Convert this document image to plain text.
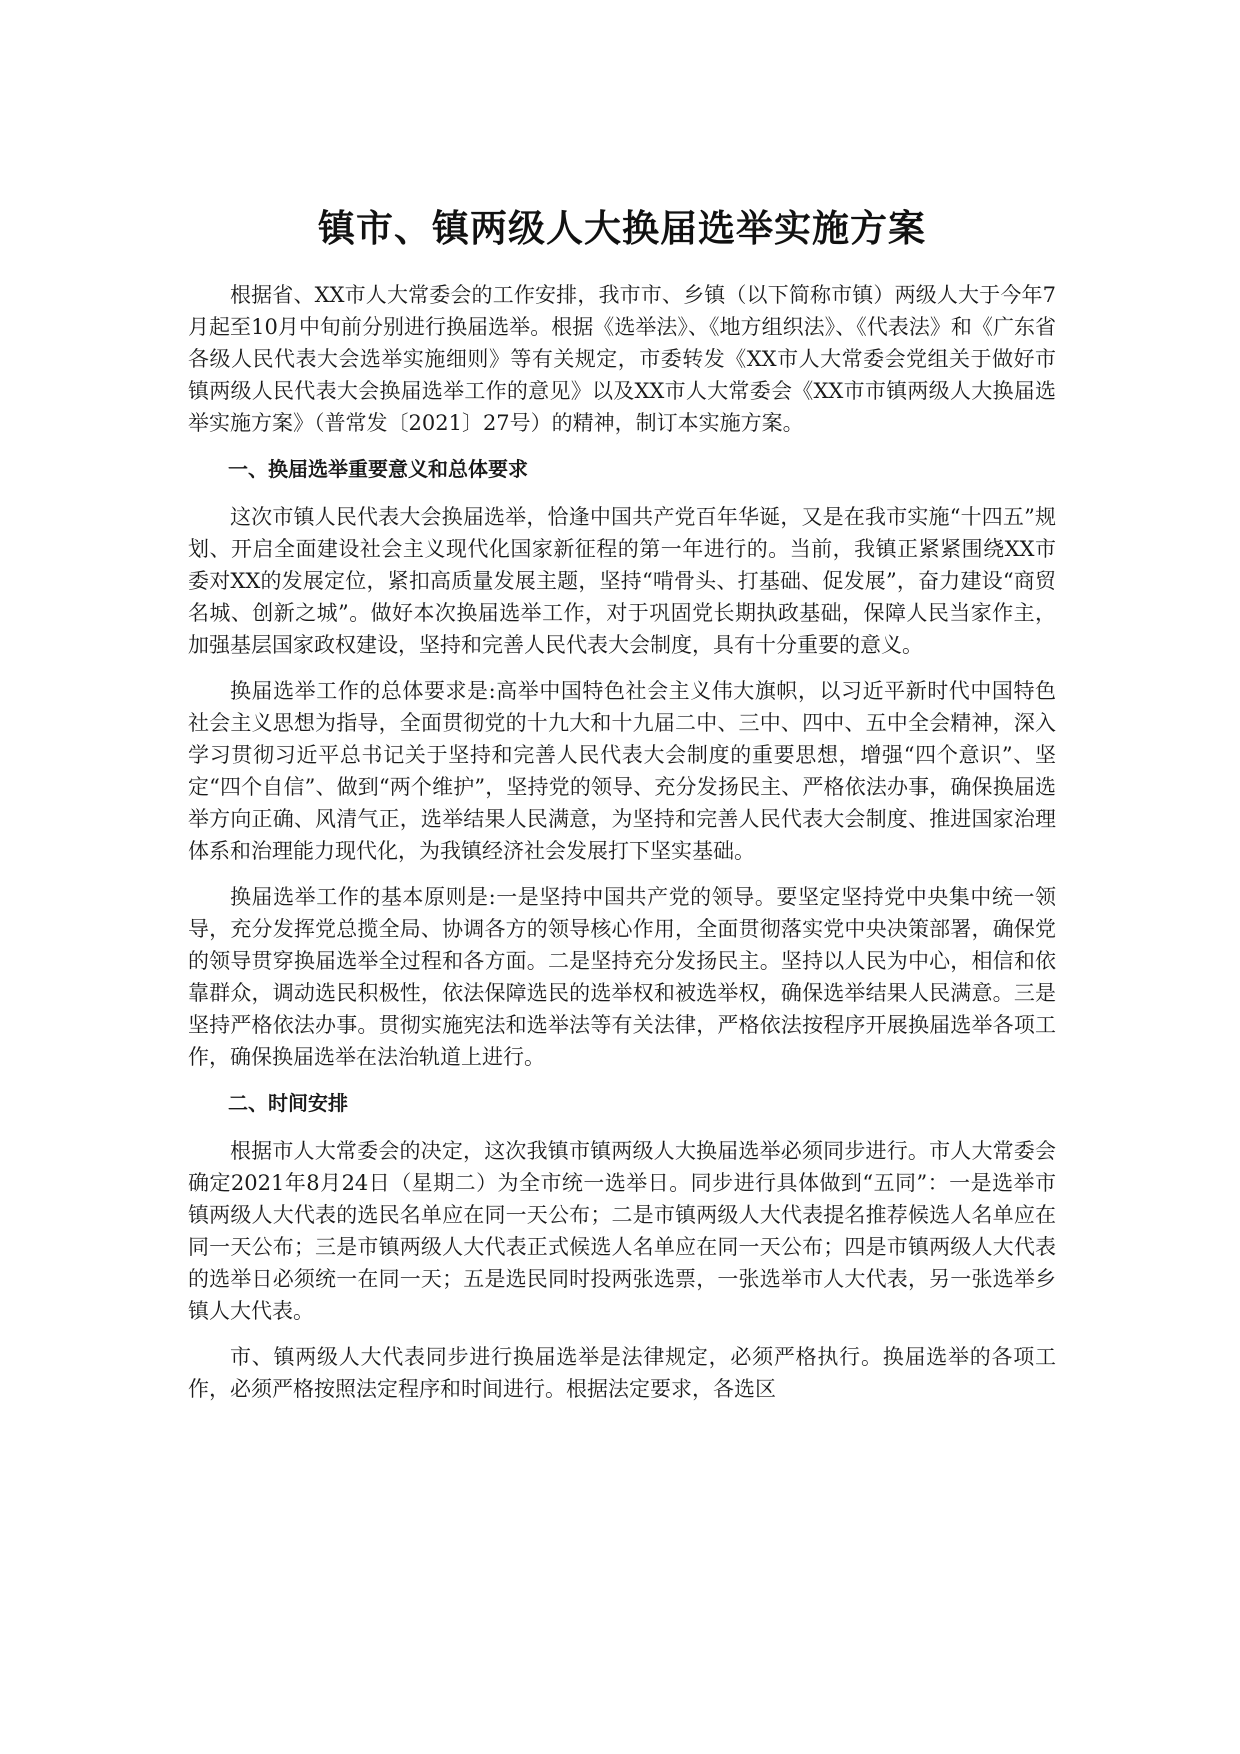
镇市、镇两级人大换届选举实施方案

根据省、XX市人大常委会的工作安排，我市市、乡镇（以下简称市镇）两级人大于今年7月起至10月中旬前分别进行换届选举。根据《选举法》、《地方组织法》、《代表法》和《广东省各级人民代表大会选举实施细则》等有关规定，市委转发《XX市人大常委会党组关于做好市镇两级人民代表大会换届选举工作的意见》以及XX市人大常委会《XX市市镇两级人大换届选举实施方案》（普常发〔2021〕27号）的精神，制订本实施方案。

一、换届选举重要意义和总体要求

这次市镇人民代表大会换届选举，恰逢中国共产党百年华诞，又是在我市实施“十四五”规划、开启全面建设社会主义现代化国家新征程的第一年进行的。当前，我镇正紧紧围绕XX市委对XX的发展定位，紧扣高质量发展主题，坚持“啃骨头、打基础、促发展”，奋力建设“商贸名城、创新之城”。做好本次换届选举工作，对于巩固党长期执政基础，保障人民当家作主，加强基层国家政权建设，坚持和完善人民代表大会制度，具有十分重要的意义。

换届选举工作的总体要求是:高举中国特色社会主义伟大旗帜，以习近平新时代中国特色社会主义思想为指导，全面贯彻党的十九大和十九届二中、三中、四中、五中全会精神，深入学习贯彻习近平总书记关于坚持和完善人民代表大会制度的重要思想，增强“四个意识”、坚定“四个自信”、做到“两个维护”，坚持党的领导、充分发扬民主、严格依法办事，确保换届选举方向正确、风清气正，选举结果人民满意，为坚持和完善人民代表大会制度、推进国家治理体系和治理能力现代化，为我镇经济社会发展打下坚实基础。

换届选举工作的基本原则是:一是坚持中国共产党的领导。要坚定坚持党中央集中统一领导，充分发挥党总揽全局、协调各方的领导核心作用，全面贯彻落实党中央决策部署，确保党的领导贯穿换届选举全过程和各方面。二是坚持充分发扬民主。坚持以人民为中心，相信和依靠群众，调动选民积极性，依法保障选民的选举权和被选举权，确保选举结果人民满意。三是坚持严格依法办事。贯彻实施宪法和选举法等有关法律，严格依法按程序开展换届选举各项工作，确保换届选举在法治轨道上进行。

二、时间安排

根据市人大常委会的决定，这次我镇市镇两级人大换届选举必须同步进行。市人大常委会确定2021年8月24日（星期二）为全市统一选举日。同步进行具体做到“五同”：一是选举市镇两级人大代表的选民名单应在同一天公布；二是市镇两级人大代表提名推荐候选人名单应在同一天公布；三是市镇两级人大代表正式候选人名单应在同一天公布；四是市镇两级人大代表的选举日必须统一在同一天；五是选民同时投两张选票，一张选举市人大代表，另一张选举乡镇人大代表。

市、镇两级人大代表同步进行换届选举是法律规定，必须严格执行。换届选举的各项工作，必须严格按照法定程序和时间进行。根据法定要求，各选区
